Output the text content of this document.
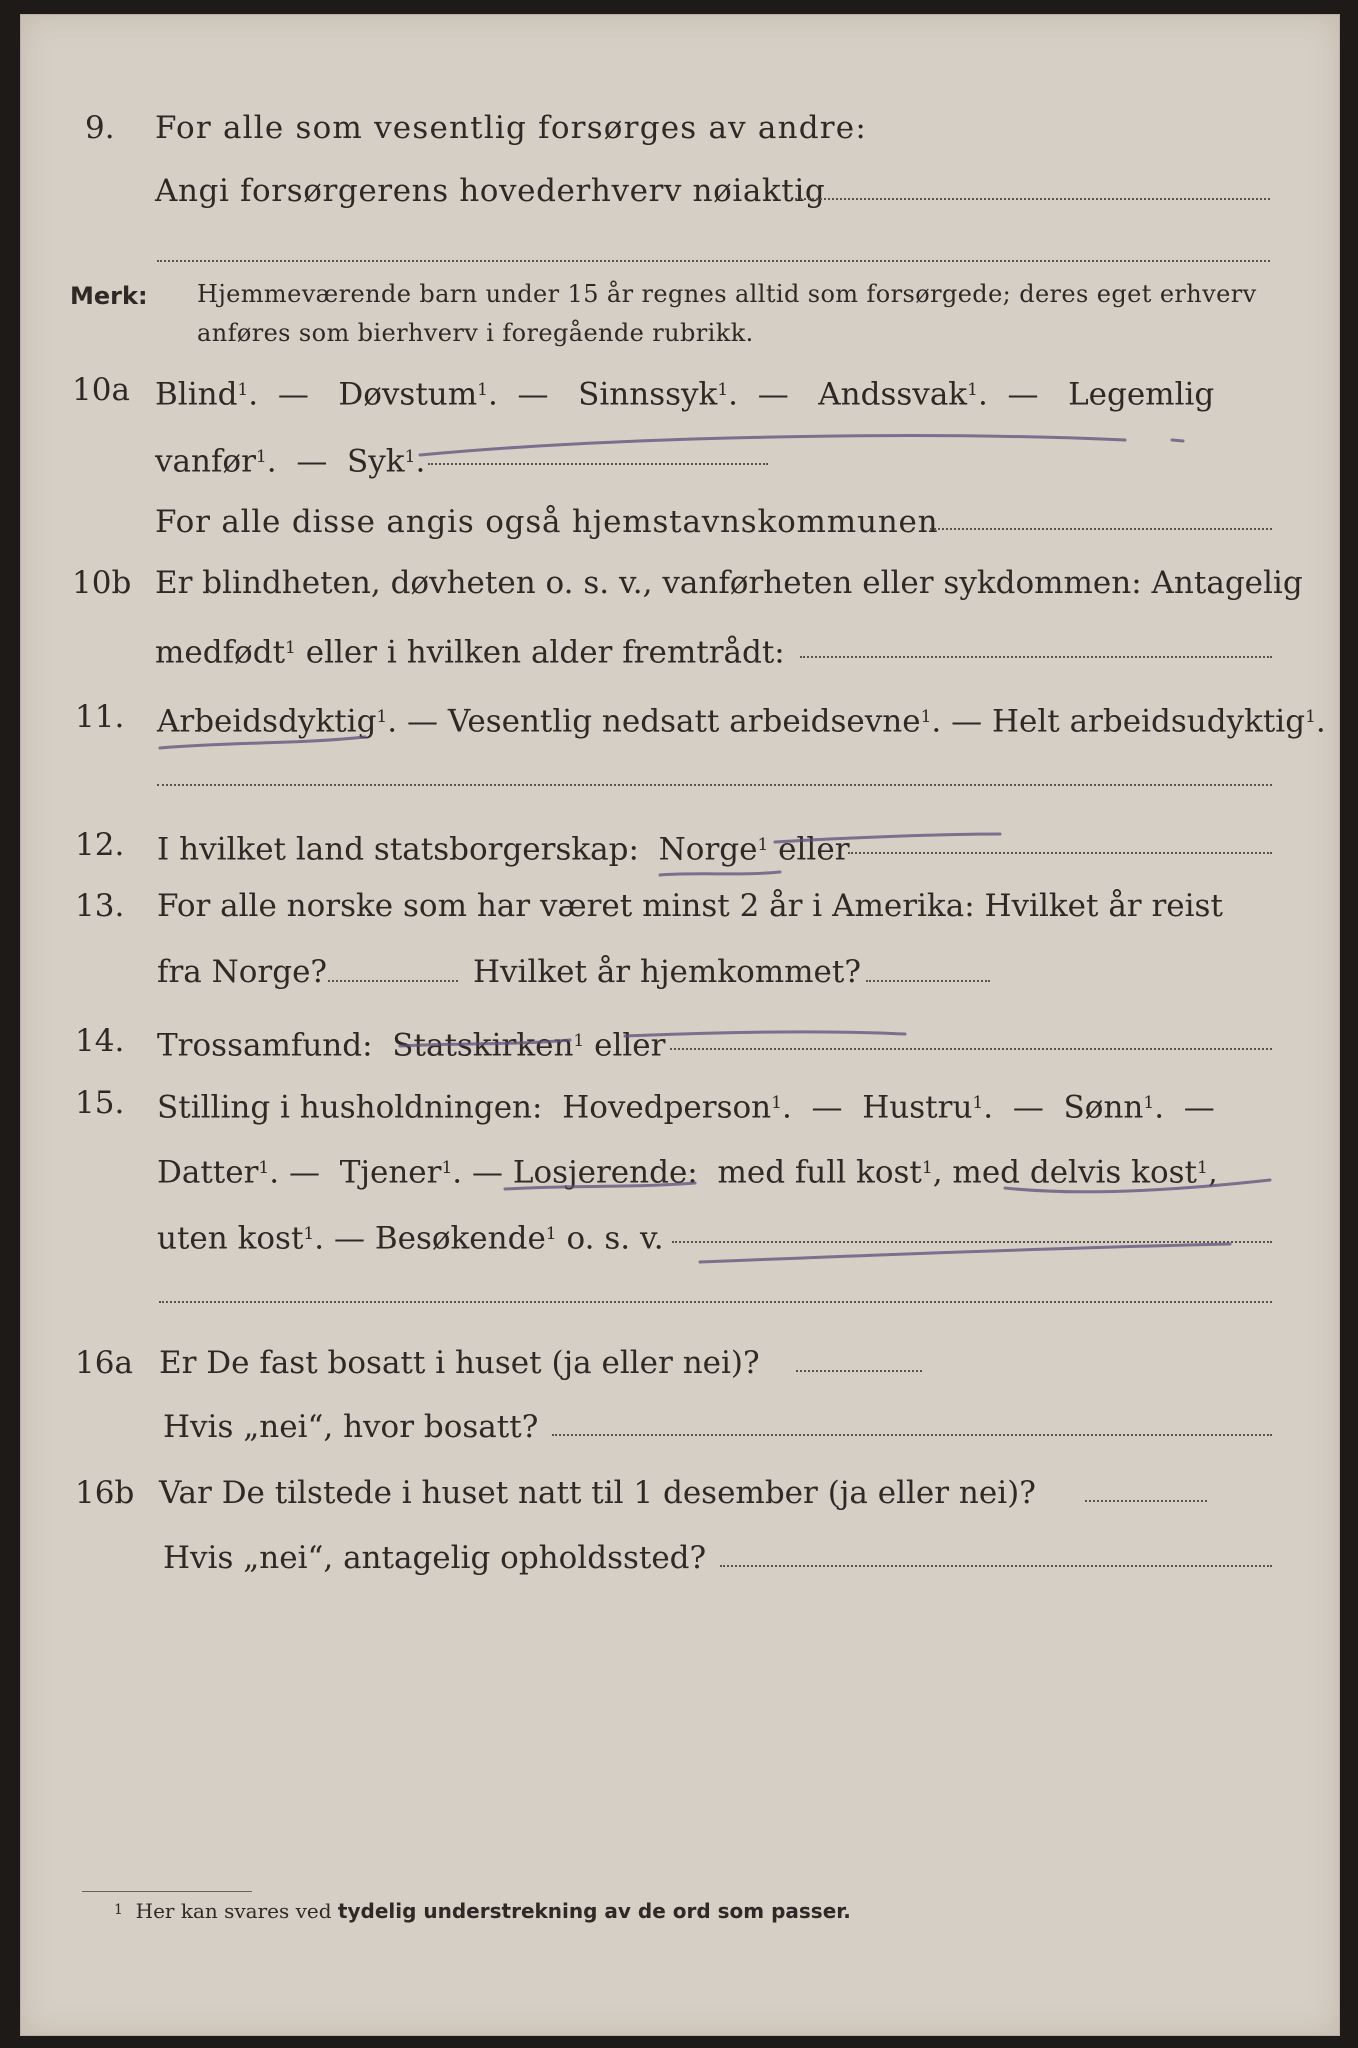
9. For alle som vesentlig forsørges av andre:
Angi forsørgerens hovederhverv nøiaktig
Merk: Hjemmeværende barn under 15 år regnes alltid som forsørgede; deres eget erhverv
anføres som bierhverv i foregående rubrikk.
10a Blind$^1$.  —   Døvstum$^1$.  —   Sinnssyk$^1$.  —   Andssvak$^1$.  —   Legemlig
vanfør$^1$.  —  Syk$^1$.
For alle disse angis også hjemstavnskommunen
10b Er blindheten, døvheten o. s. v., vanførheten eller sykdommen: Antagelig
medfødt$^1$ eller i hvilken alder fremtrådt:
11. Arbeidsdyktig$^1$. — Vesentlig nedsatt arbeidsevne$^1$. — Helt arbeidsudyktig$^1$.
12. I hvilket land statsborgerskap: Norge$^1$ eller
13. For alle norske som har været minst 2 år i Amerika: Hvilket år reist
fra Norge?	Hvilket år hjemkommet?
14. Trossamfund: Statskirken$^1$ eller
15. Stilling i husholdningen: Hovedperson$^1$.  —  Hustru$^1$.  —  Sønn$^1$.  —
Datter$^1$. —  Tjener$^1$. — Losjerende: med full kost$^1$, med delvis kost$^1$,
uten kost$^1$. — Besøkende$^1$ o. s. v.
16a Er De fast bosatt i huset (ja eller nei)?
Hvis „nei“, hvor bosatt?
16b Var De tilstede i huset natt til 1 desember (ja eller nei)?
Hvis „nei“, antagelig opholdssted?
$^1$ Her kan svares ved tydelig understrekning av de ord som passer.
